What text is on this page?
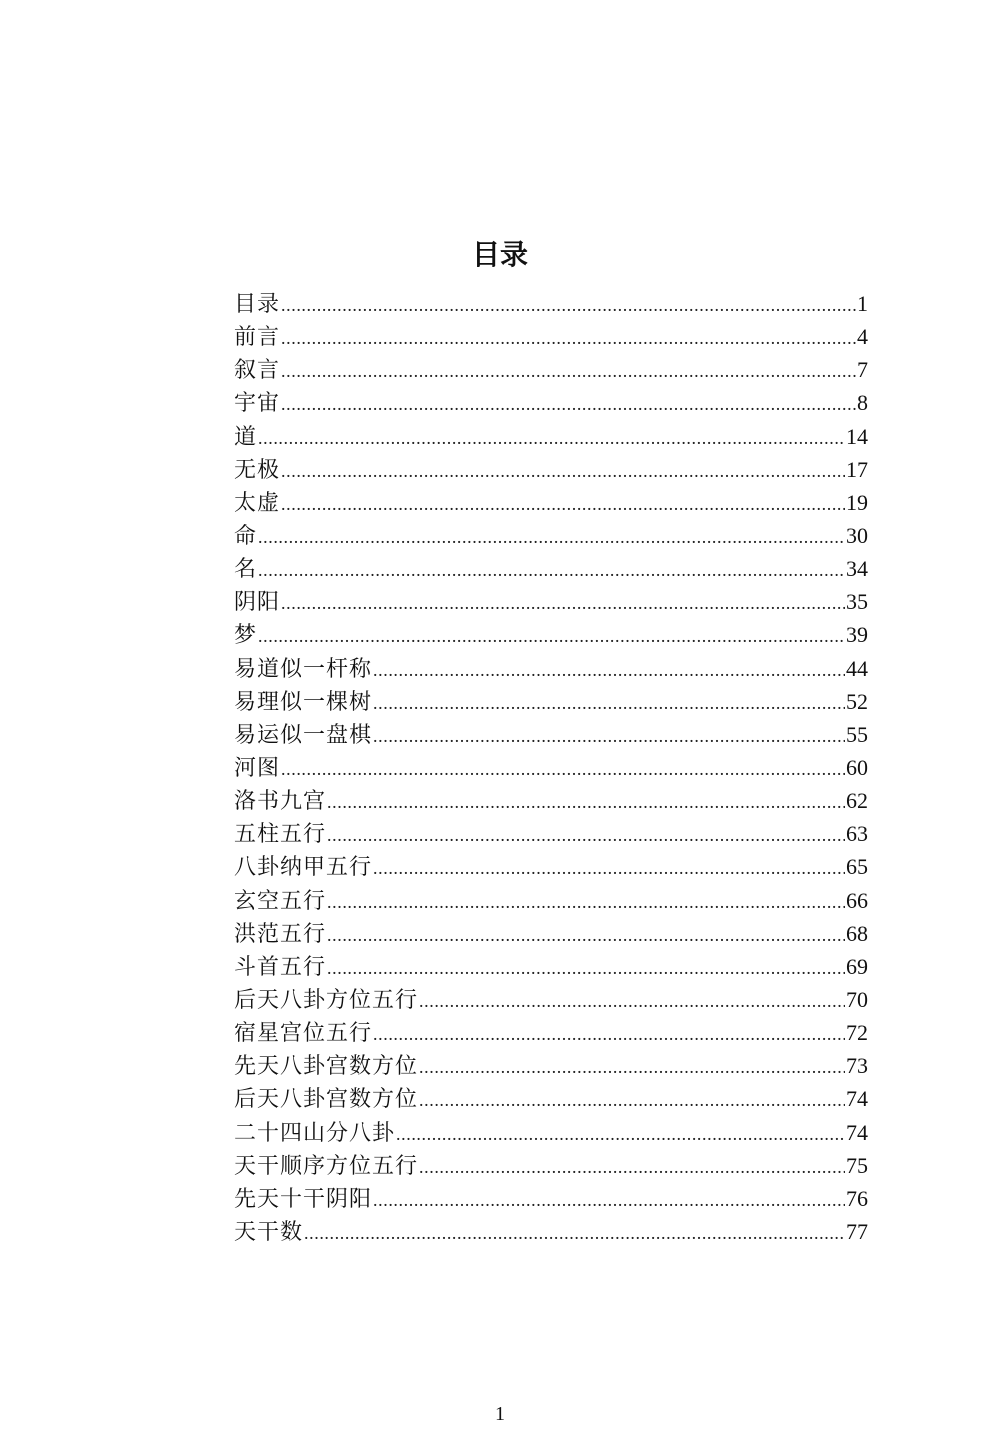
目录
目录 .....	1
前言 .....	4
叙言 .....	7
宇宙 .....	8
道 .....	14
无极 .....	17
太虚 .....	19
命 .....	30
名 .....	34
阴阳 .....	35
梦 .....	39
易道似一杆称 .....	44
易理似一棵树 .....	52
易运似一盘棋 .....	55
河图 .....	60
洛书九宫 .....	62
五柱五行 .....	63
八卦纳甲五行 .....	65
玄空五行 .....	66
洪范五行 .....	68
斗首五行 .....	69
后天八卦方位五行 .....	70
宿星宫位五行 .....	72
先天八卦宫数方位 .....	73
后天八卦宫数方位 .....	74
二十四山分八卦 .....	74
天干顺序方位五行 .....	75
先天十干阴阳 .....	76
天干数 .....	77
1
